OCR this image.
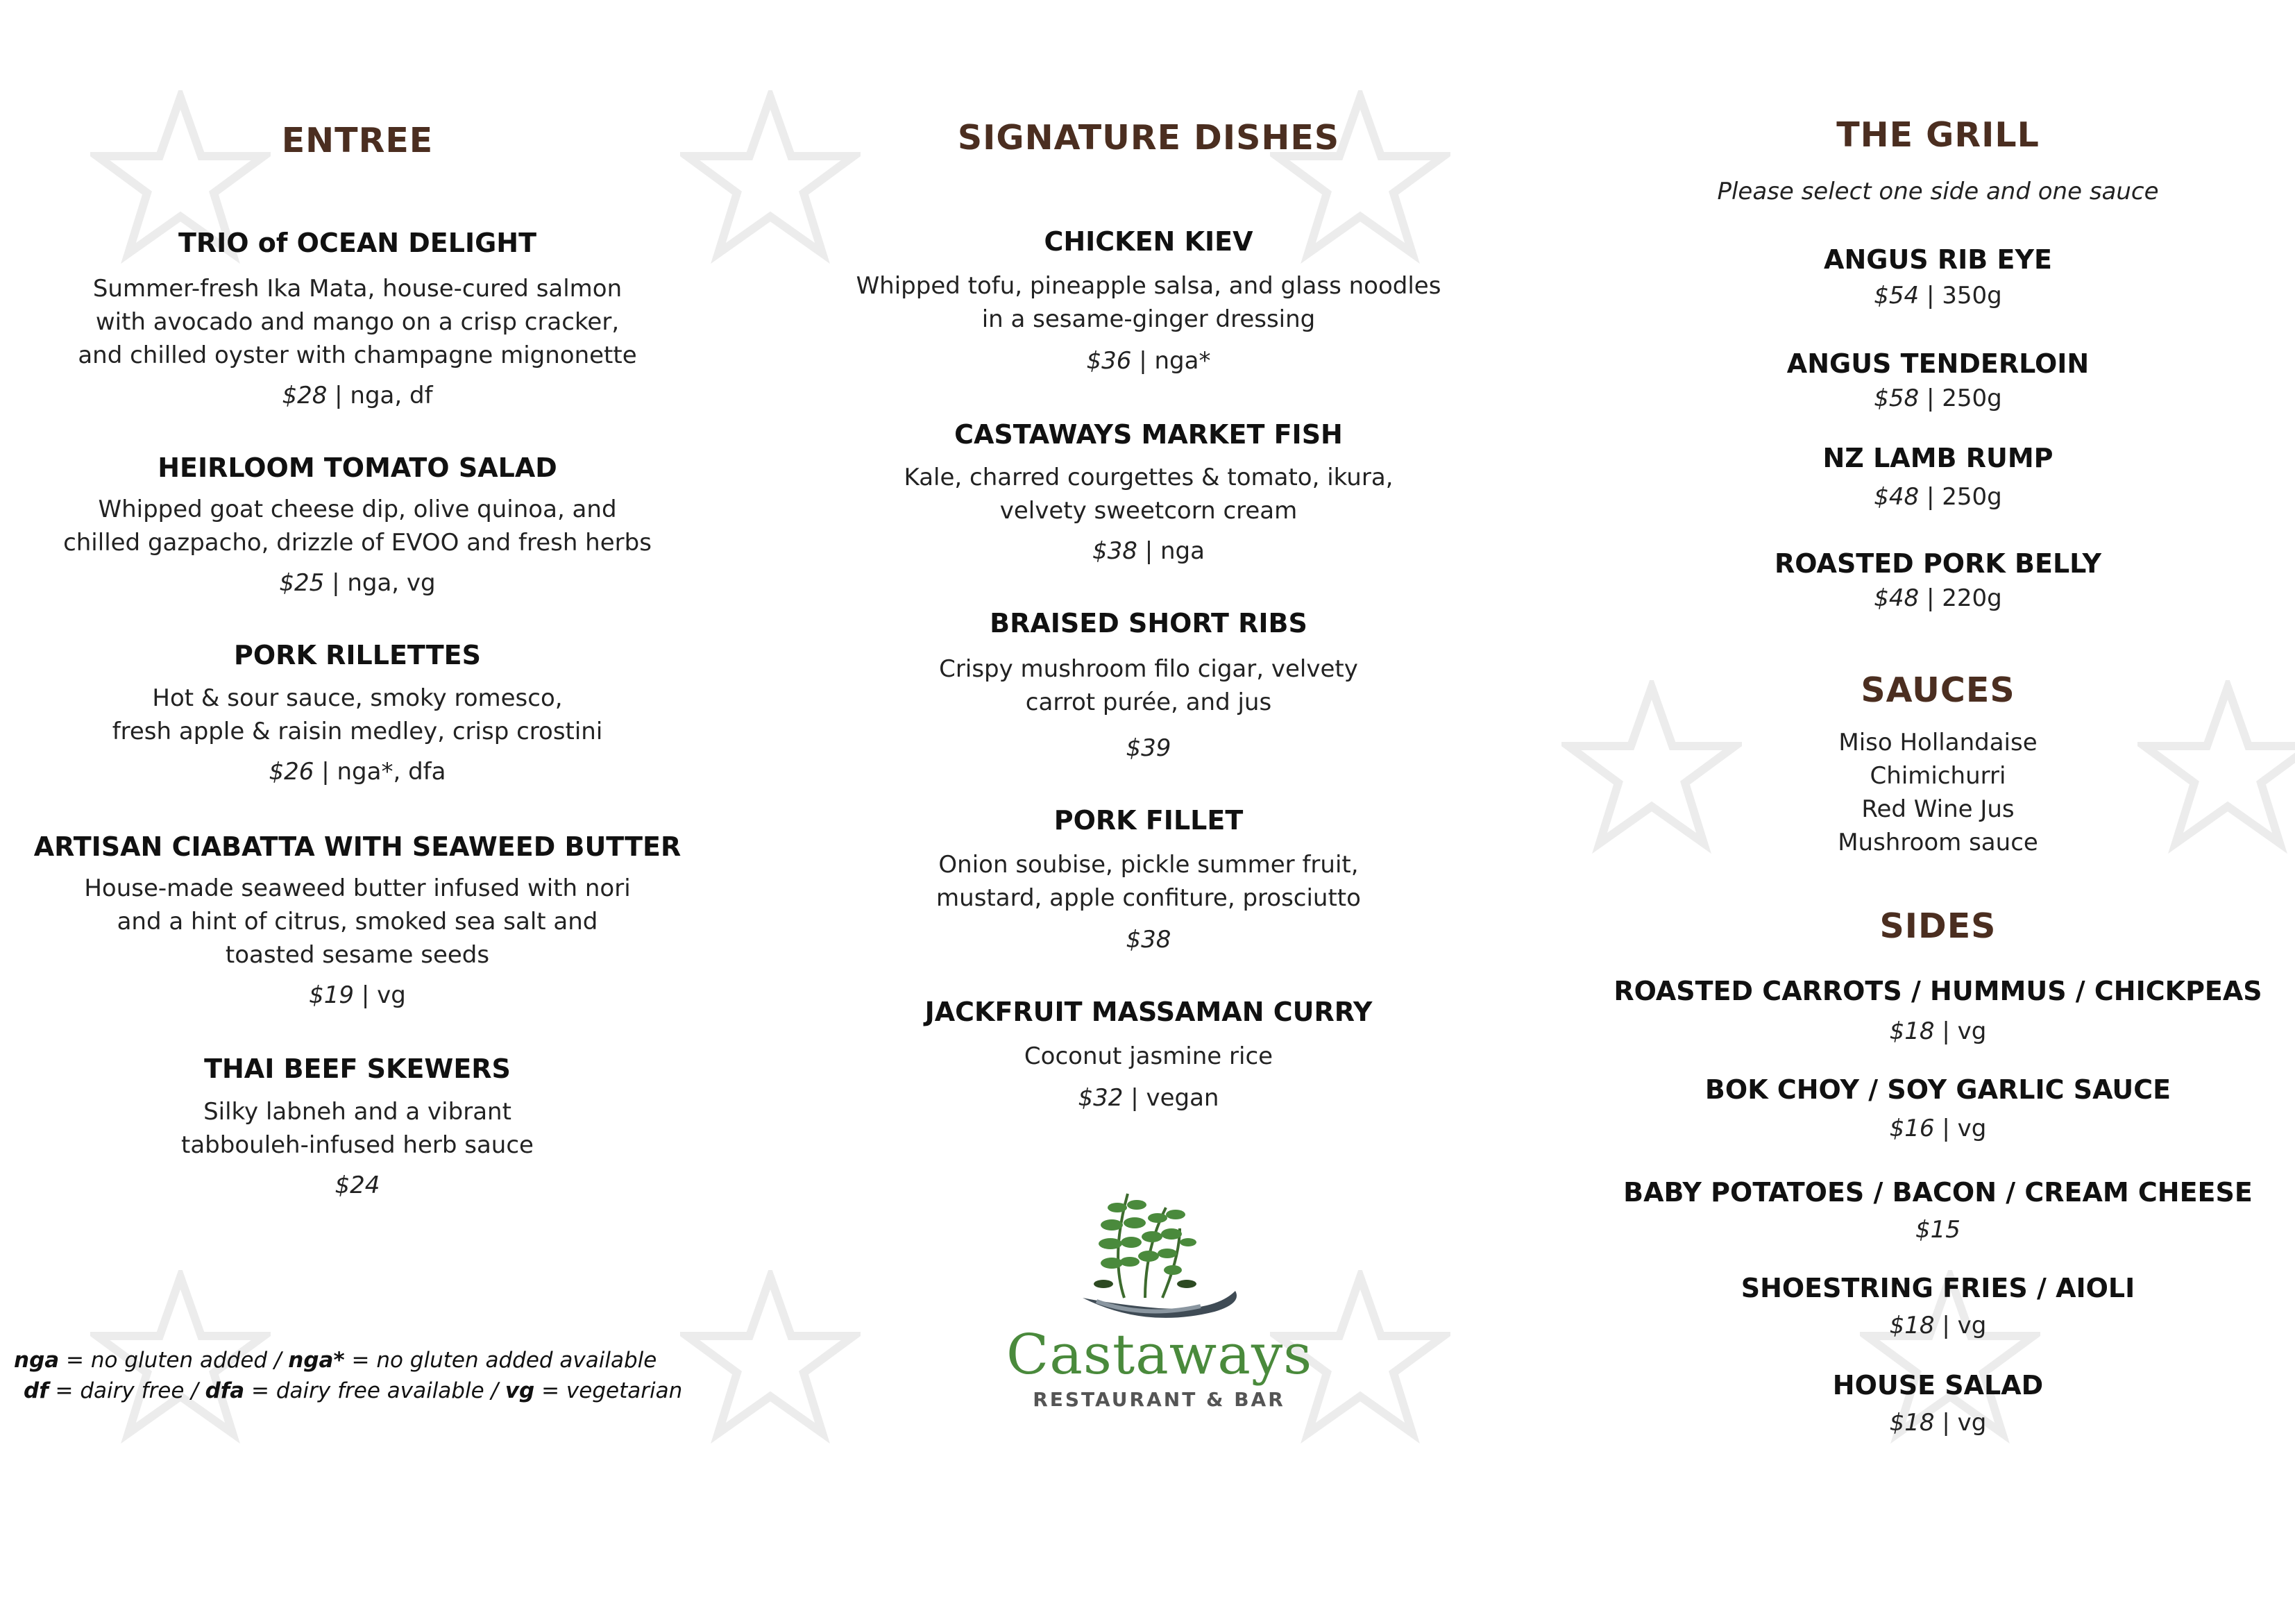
ENTREE
TRIO of OCEAN DELIGHT
Summer-fresh Ika Mata, house-cured salmon
with avocado and mango on a crisp cracker,
and chilled oyster with champagne mignonette
$28 | nga, df
HEIRLOOM TOMATO SALAD
Whipped goat cheese dip, olive quinoa, and
chilled gazpacho, drizzle of EVOO and fresh herbs
$25 | nga, vg
PORK RILLETTES
Hot & sour sauce, smoky romesco,
fresh apple & raisin medley, crisp crostini
$26 | nga*, dfa
ARTISAN CIABATTA WITH SEAWEED BUTTER
House-made seaweed butter infused with nori
and a hint of citrus, smoked sea salt and
toasted sesame seeds
$19 | vg
THAI BEEF SKEWERS
Silky labneh and a vibrant
tabbouleh-infused herb sauce
$24

nga = no gluten added / nga* = no gluten added available

df = dairy free / dfa = dairy free available / vg = vegetarian

SIGNATURE DISHES
CHICKEN KIEV
Whipped tofu, pineapple salsa, and glass noodles
in a sesame-ginger dressing
$36 | nga*
CASTAWAYS MARKET FISH
Kale, charred courgettes & tomato, ikura,
velvety sweetcorn cream
$38 | nga
BRAISED SHORT RIBS
Crispy mushroom filo cigar, velvety
carrot purée, and jus
$39
PORK FILLET
Onion soubise, pickle summer fruit,
mustard, apple confiture, prosciutto
$38
JACKFRUIT MASSAMAN CURRY
Coconut jasmine rice
$32 | vegan
Castaways
RESTAURANT & BAR
THE GRILL
Please select one side and one sauce
ANGUS RIB EYE
$54 | 350g
ANGUS TENDERLOIN
$58 | 250g
NZ LAMB RUMP
$48 | 250g
ROASTED PORK BELLY
$48 | 220g
SAUCES
Miso Hollandaise
Chimichurri
Red Wine Jus
Mushroom sauce
SIDES
ROASTED CARROTS / HUMMUS / CHICKPEAS
$18 | vg
BOK CHOY / SOY GARLIC SAUCE
$16 | vg
BABY POTATOES / BACON / CREAM CHEESE
$15
SHOESTRING FRIES / AIOLI
$18 | vg
HOUSE SALAD
$18 | vg
